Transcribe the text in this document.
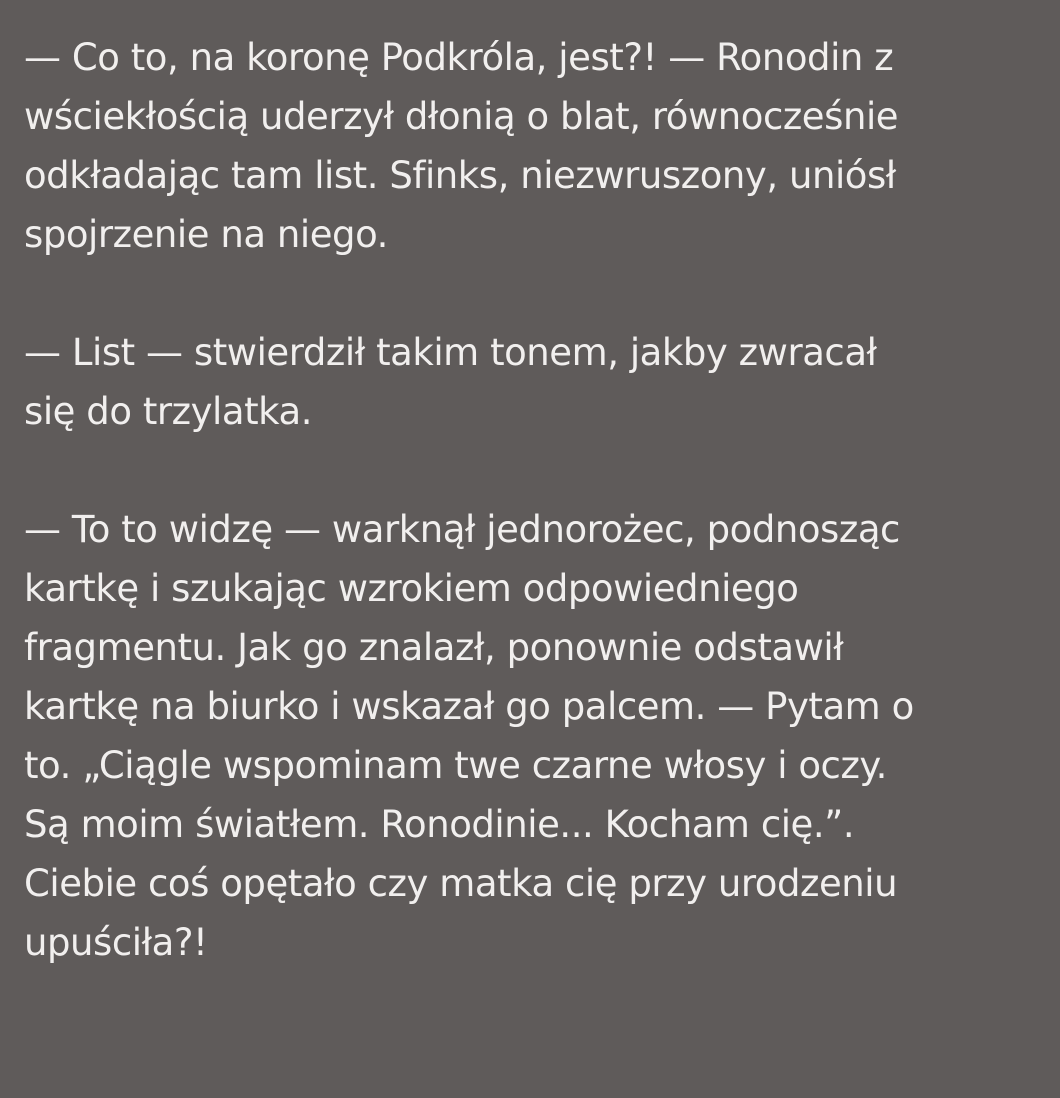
— Co to, na koronę Podkróla, jest?! — Ronodin z
wściekłością uderzył dłonią o blat, równocześnie
odkładając tam list. Sfinks, niezwruszony, uniósł
spojrzenie na niego.

— List — stwierdził takim tonem, jakby zwracał
się do trzylatka.

— To to widzę — warknął jednorożec, podnosząc
kartkę i szukając wzrokiem odpowiedniego
fragmentu. Jak go znalazł, ponownie odstawił
kartkę na biurko i wskazał go palcem. — Pytam o
to. „Ciągle wspominam twe czarne włosy i oczy.
Są moim światłem. Ronodinie... Kocham cię.”.
Ciebie coś opętało czy matka cię przy urodzeniu
upuściła?!
